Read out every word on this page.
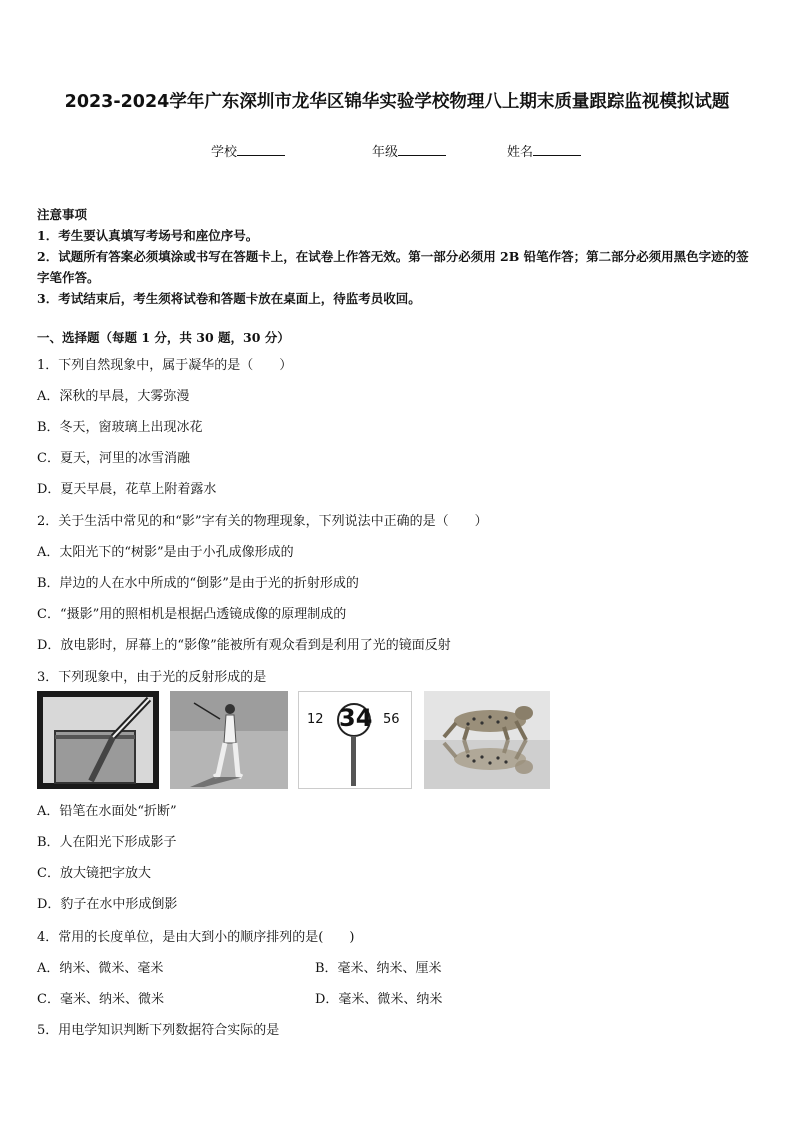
2023-2024学年广东深圳市龙华区锦华实验学校物理八上期末质量跟踪监视模拟试题
学校	年级	姓名
注意事项
1．考生要认真填写考场号和座位序号。
2．试题所有答案必须填涂或书写在答题卡上，在试卷上作答无效。第一部分必须用 2B 铅笔作答；第二部分必须用黑色字迹的签字笔作答。
3．考试结束后，考生须将试卷和答题卡放在桌面上，待监考员收回。
一、选择题（每题 1 分，共 30 题，30 分）
1．下列自然现象中，属于凝华的是（　　）
A．深秋的早晨，大雾弥漫
B．冬天，窗玻璃上出现冰花
C．夏天，河里的冰雪消融
D．夏天早晨，花草上附着露水
2．关于生活中常见的和“影”字有关的物理现象，下列说法中正确的是（　　）
A．太阳光下的“树影”是由于小孔成像形成的
B．岸边的人在水中所成的“倒影”是由于光的折射形成的
C．“摄影”用的照相机是根据凸透镜成像的原理制成的
D．放电影时，屏幕上的“影像”能被所有观众看到是利用了光的镜面反射
3．下列现象中，由于光的反射形成的是
12 34 56
A．铅笔在水面处“折断”
B．人在阳光下形成影子
C．放大镜把字放大
D．豹子在水中形成倒影
4．常用的长度单位，是由大到小的顺序排列的是(　　)
A．纳米、微米、毫米	B．毫米、纳米、厘米
C．毫米、纳米、微米	D．毫米、微米、纳米
5．用电学知识判断下列数据符合实际的是
